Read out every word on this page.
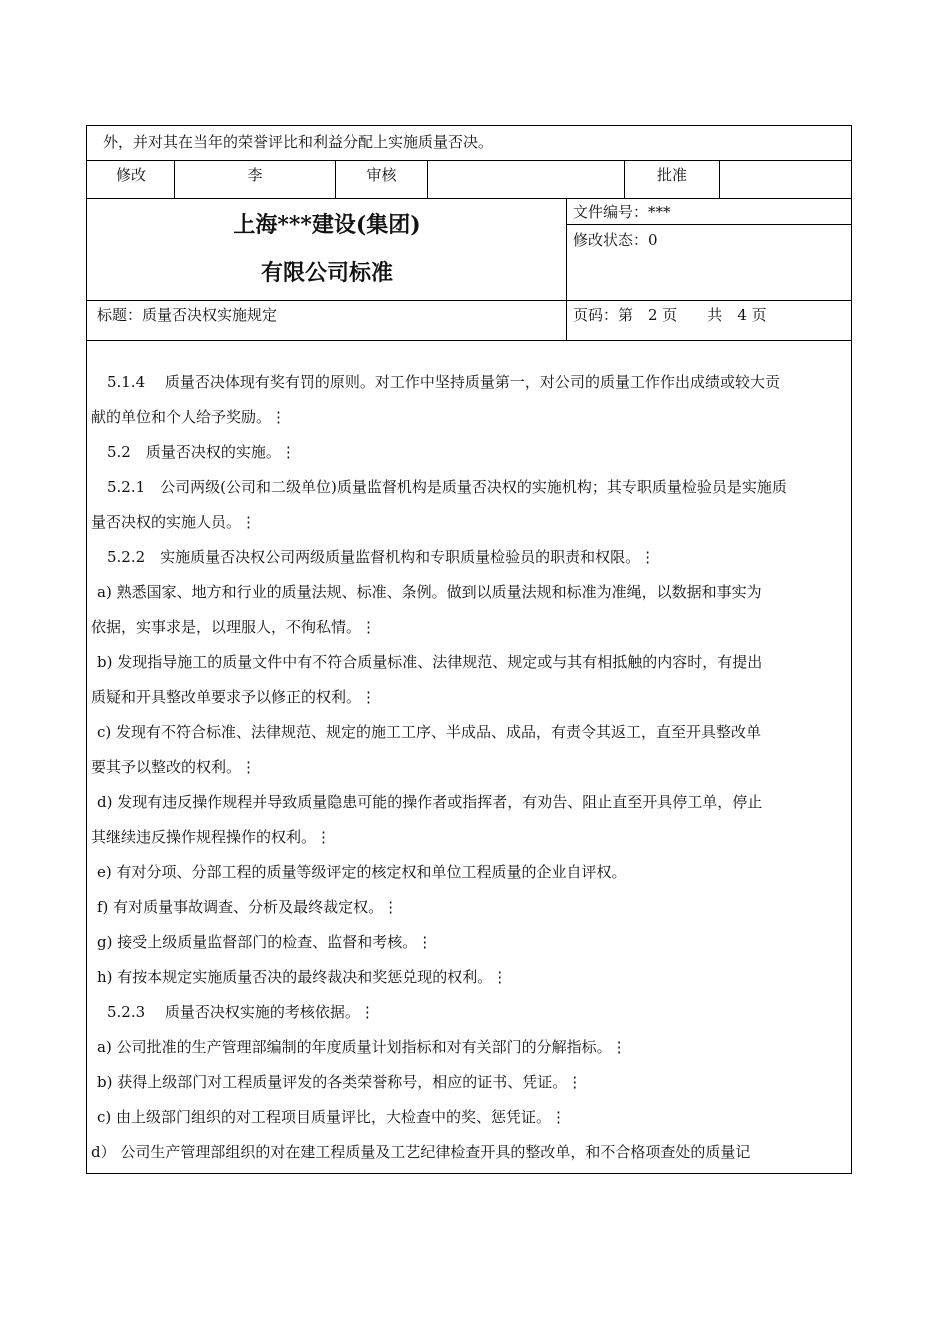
外，并对其在当年的荣誉评比和利益分配上实施质量否决。
修改	李	审核	批准
上海***建设(集团)
有限公司标准
文件编号：***
修改状态：0
标题：质量否决权实施规定	页码：第　2 页　　共　4 页
5.1.4　 质量否决体现有奖有罚的原则。对工作中坚持质量第一，对公司的质量工作作出成绩或较大贡
献的单位和个人给予奖励。⋮
5.2　质量否决权的实施。⋮
5.2.1　公司两级(公司和二级单位)质量监督机构是质量否决权的实施机构；其专职质量检验员是实施质
量否决权的实施人员。⋮
5.2.2　实施质量否决权公司两级质量监督机构和专职质量检验员的职责和权限。⋮
a) 熟悉国家、地方和行业的质量法规、标准、条例。做到以质量法规和标准为准绳，以数据和事实为
依据，实事求是，以理服人，不徇私情。⋮
b) 发现指导施工的质量文件中有不符合质量标准、法律规范、规定或与其有相抵触的内容时，有提出
质疑和开具整改单要求予以修正的权利。⋮
c) 发现有不符合标准、法律规范、规定的施工工序、半成品、成品，有责令其返工，直至开具整改单
要其予以整改的权利。⋮
d) 发现有违反操作规程并导致质量隐患可能的操作者或指挥者，有劝告、阻止直至开具停工单，停止
其继续违反操作规程操作的权利。⋮
e) 有对分项、分部工程的质量等级评定的核定权和单位工程质量的企业自评权。
f) 有对质量事故调查、分析及最终裁定权。⋮
g) 接受上级质量监督部门的检查、监督和考核。⋮
h) 有按本规定实施质量否决的最终裁决和奖惩兑现的权利。⋮
5.2.3　 质量否决权实施的考核依据。⋮
a) 公司批准的生产管理部编制的年度质量计划指标和对有关部门的分解指标。⋮
b) 获得上级部门对工程质量评发的各类荣誉称号，相应的证书、凭证。⋮
c) 由上级部门组织的对工程项目质量评比，大检查中的奖、惩凭证。⋮
d） 公司生产管理部组织的对在建工程质量及工艺纪律检查开具的整改单，和不合格项查处的质量记
